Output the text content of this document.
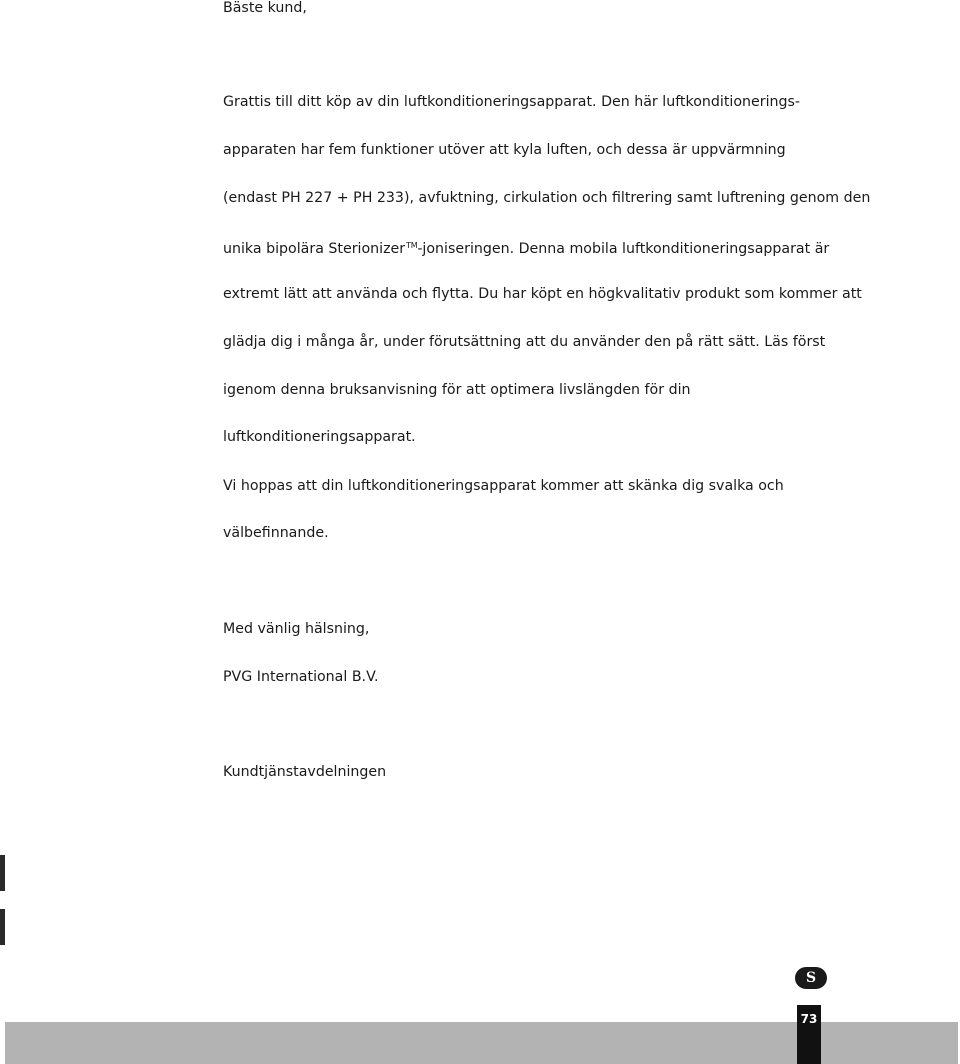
Bäste kund,

Grattis till ditt köp av din luftkonditioneringsapparat. Den här luftkonditionerings-

apparaten har fem funktioner utöver att kyla luften, och dessa är uppvärmning

(endast PH 227 + PH 233), avfuktning, cirkulation och filtrering samt luftrening genom den

unika bipolära Sterionizer™-joniseringen. Denna mobila luftkonditioneringsapparat är

extremt lätt att använda och flytta. Du har köpt en högkvalitativ produkt som kommer att

glädja dig i många år, under förutsättning att du använder den på rätt sätt. Läs först

igenom denna bruksanvisning för att optimera livslängden för din

luftkonditioneringsapparat.

Vi hoppas att din luftkonditioneringsapparat kommer att skänka dig svalka och

välbefinnande.

Med vänlig hälsning,

PVG International B.V.

Kundtjänstavdelningen

S
73
